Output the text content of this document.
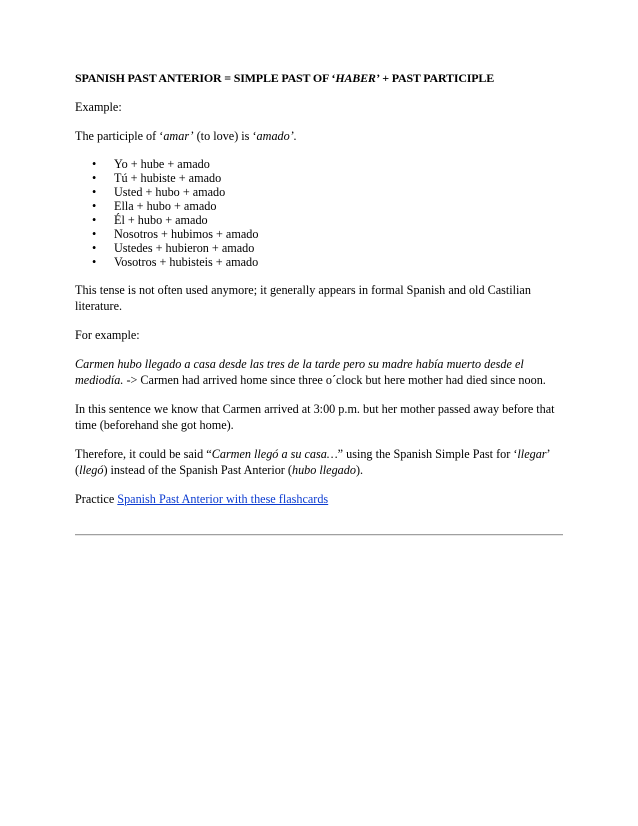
SPANISH PAST ANTERIOR = SIMPLE PAST OF ‘HABER’ + PAST PARTICIPLE

Example:

The participle of ‘amar’ (to love) is ‘amado’.

• Yo + hube + amado
• Tú + hubiste + amado
• Usted + hubo + amado
• Ella + hubo + amado
• Él + hubo + amado
• Nosotros + hubimos + amado
• Ustedes + hubieron + amado
• Vosotros + hubisteis + amado

This tense is not often used anymore; it generally appears in formal Spanish and old Castilian literature.

For example:

Carmen hubo llegado a casa desde las tres de la tarde pero su madre había muerto desde el mediodía. -> Carmen had arrived home since three o´clock but here mother had died since noon.

In this sentence we know that Carmen arrived at 3:00 p.m. but her mother passed away before that time (beforehand she got home).

Therefore, it could be said “Carmen llegó a su casa…” using the Spanish Simple Past for ‘llegar’ (llegó) instead of the Spanish Past Anterior (hubo llegado).

Practice Spanish Past Anterior with these flashcards
